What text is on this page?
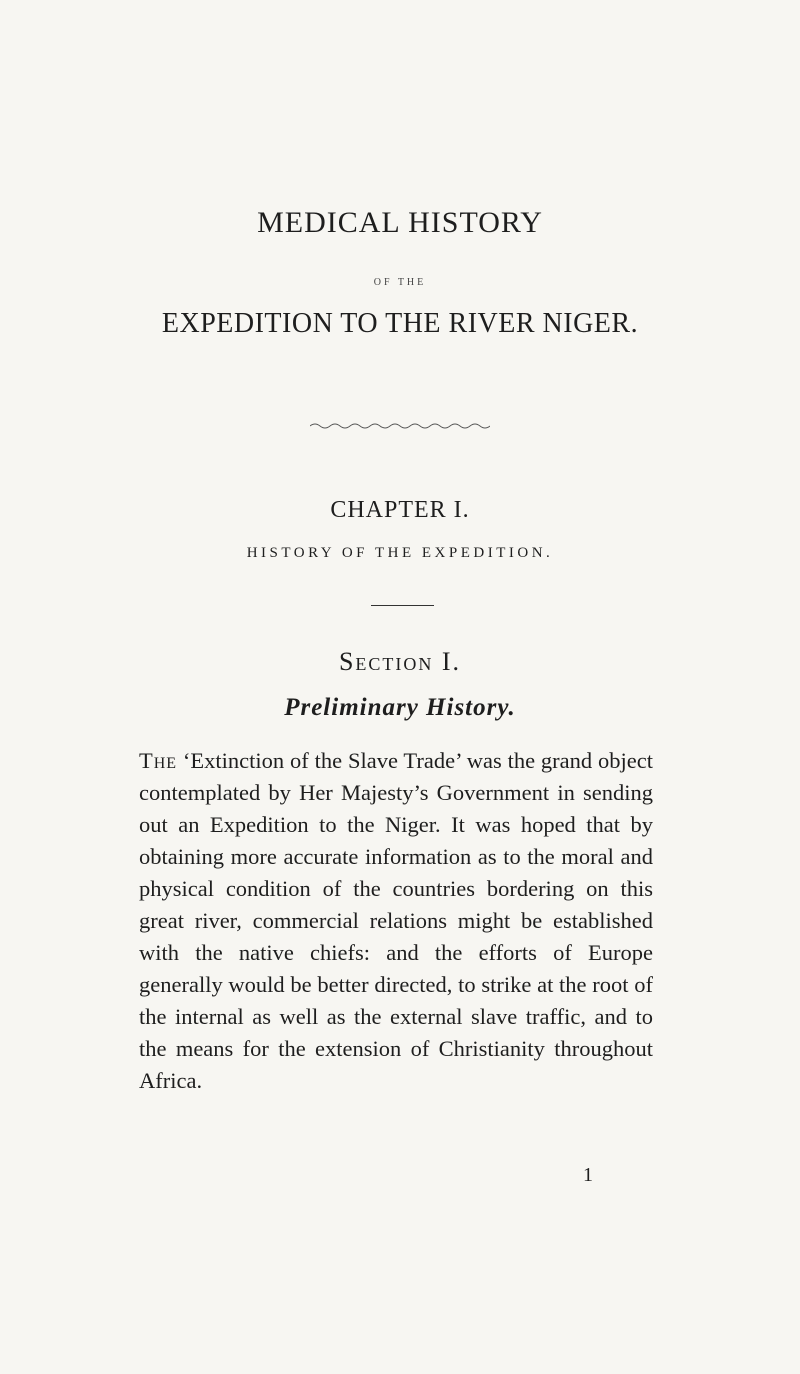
MEDICAL HISTORY
OF THE
EXPEDITION TO THE RIVER NIGER.
CHAPTER I.
HISTORY OF THE EXPEDITION.
Section I.
Preliminary History.

The ‘Extinction of the Slave Trade’ was the grand object contemplated by Her Majesty’s Government in sending out an Expedition to the Niger. It was hoped that by obtaining more accurate information as to the moral and physical condition of the countries bordering on this great river, commercial relations might be established with the native chiefs: and the efforts of Europe generally would be better directed, to strike at the root of the internal as well as the external slave traffic, and to the means for the extension of Christianity throughout Africa.

1
